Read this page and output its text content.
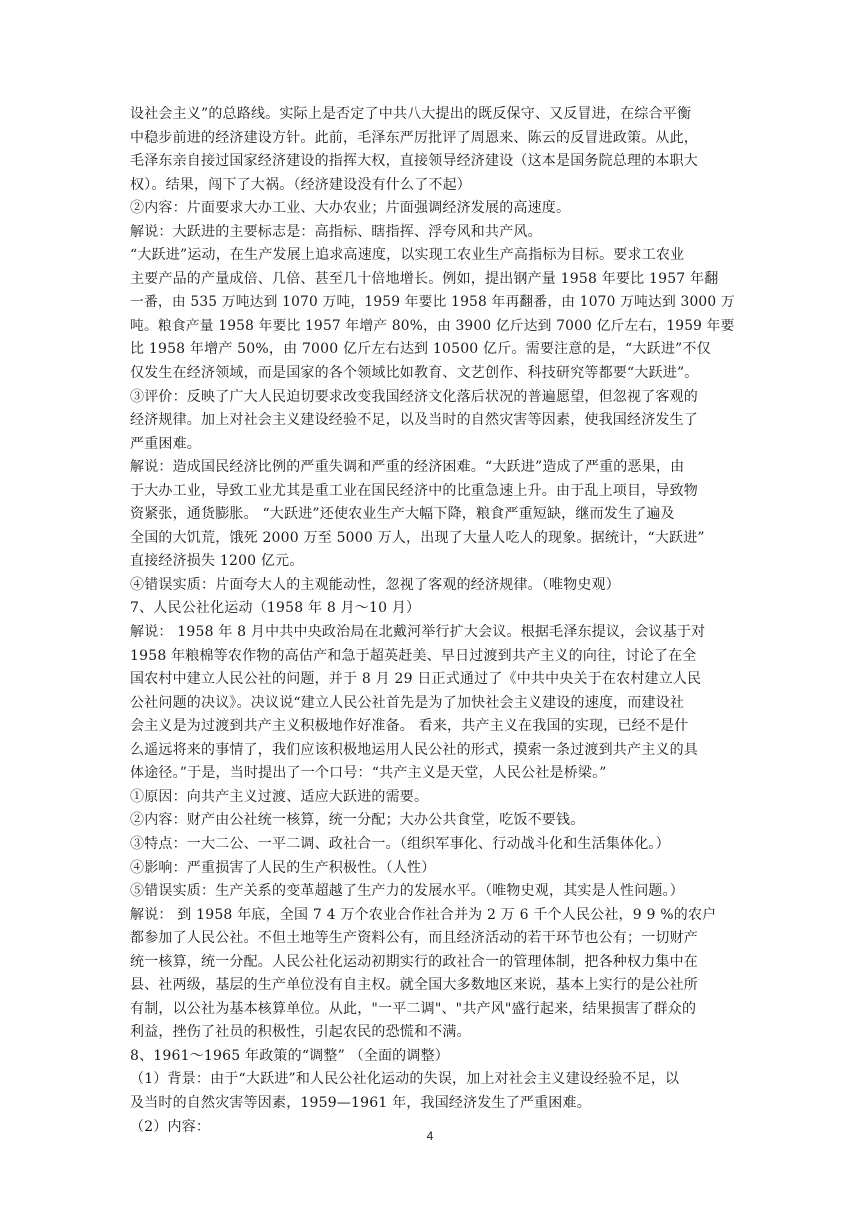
设社会主义”的总路线。实际上是否定了中共八大提出的既反保守、又反冒进，在综合平衡
中稳步前进的经济建设方针。此前，毛泽东严厉批评了周恩来、陈云的反冒进政策。从此，
毛泽东亲自接过国家经济建设的指挥大权，直接领导经济建设（这本是国务院总理的本职大
权）。结果，闯下了大祸。（经济建设没有什么了不起）
②内容：片面要求大办工业、大办农业；片面强调经济发展的高速度。
解说：大跃进的主要标志是：高指标、瞎指挥、浮夸风和共产风。
“大跃进”运动，在生产发展上追求高速度，以实现工农业生产高指标为目标。要求工农业
主要产品的产量成倍、几倍、甚至几十倍地增长。例如，提出钢产量 1958 年要比 1957 年翻
一番，由 535 万吨达到 1070 万吨，1959 年要比 1958 年再翻番，由 1070 万吨达到 3000 万
吨。粮食产量 1958 年要比 1957 年增产 80%，由 3900 亿斤达到 7000 亿斤左右，1959 年要
比 1958 年增产 50%，由 7000 亿斤左右达到 10500 亿斤。需要注意的是，“大跃进”不仅
仅发生在经济领域，而是国家的各个领域比如教育、文艺创作、科技研究等都要“大跃进”。
③评价：反映了广大人民迫切要求改变我国经济文化落后状况的普遍愿望，但忽视了客观的
经济规律。加上对社会主义建设经验不足，以及当时的自然灾害等因素，使我国经济发生了
严重困难。
解说：造成国民经济比例的严重失调和严重的经济困难。“大跃进”造成了严重的恶果，由
于大办工业，导致工业尤其是重工业在国民经济中的比重急速上升。由于乱上项目，导致物
资紧张，通货膨胀。 “大跃进”还使农业生产大幅下降，粮食严重短缺，继而发生了遍及
全国的大饥荒，饿死 2000 万至 5000 万人，出现了大量人吃人的现象。据统计，“大跃进”
直接经济损失 1200 亿元。
④错误实质：片面夸大人的主观能动性，忽视了客观的经济规律。（唯物史观）
7、人民公社化运动（1958 年 8 月～10 月）
解说： 1958 年 8 月中共中央政治局在北戴河举行扩大会议。根据毛泽东提议，会议基于对
1958 年粮棉等农作物的高估产和急于超英赶美、早日过渡到共产主义的向往，讨论了在全
国农村中建立人民公社的问题，并于 8 月 29 日正式通过了《中共中央关于在农村建立人民
公社问题的决议》。决议说“建立人民公社首先是为了加快社会主义建设的速度，而建设社
会主义是为过渡到共产主义积极地作好准备。 看来，共产主义在我国的实现，已经不是什
么遥远将来的事情了，我们应该积极地运用人民公社的形式，摸索一条过渡到共产主义的具
体途径。”于是，当时提出了一个口号：“共产主义是天堂，人民公社是桥梁。”
①原因：向共产主义过渡、适应大跃进的需要。
②内容：财产由公社统一核算，统一分配；大办公共食堂，吃饭不要钱。
③特点：一大二公、一平二调、政社合一。（组织军事化、行动战斗化和生活集体化。）
④影响：严重损害了人民的生产积极性。（人性）
⑤错误实质：生产关系的变革超越了生产力的发展水平。（唯物史观，其实是人性问题。）
解说： 到 1958 年底，全国 7 4 万个农业合作社合并为 2 万 6 千个人民公社，9 9 %的农户
都参加了人民公社。不但土地等生产资料公有，而且经济活动的若干环节也公有；一切财产
统一核算，统一分配。人民公社化运动初期实行的政社合一的管理体制，把各种权力集中在
县、社两级，基层的生产单位没有自主权。就全国大多数地区来说，基本上实行的是公社所
有制，以公社为基本核算单位。从此，"一平二调"、"共产风"盛行起来，结果损害了群众的
利益，挫伤了社员的积极性，引起农民的恐慌和不满。
8、1961～1965 年政策的“调整” （全面的调整）
（1）背景：由于“大跃进”和人民公社化运动的失误，加上对社会主义建设经验不足，以
及当时的自然灾害等因素，1959—1961 年，我国经济发生了严重困难。
（2）内容：
4
